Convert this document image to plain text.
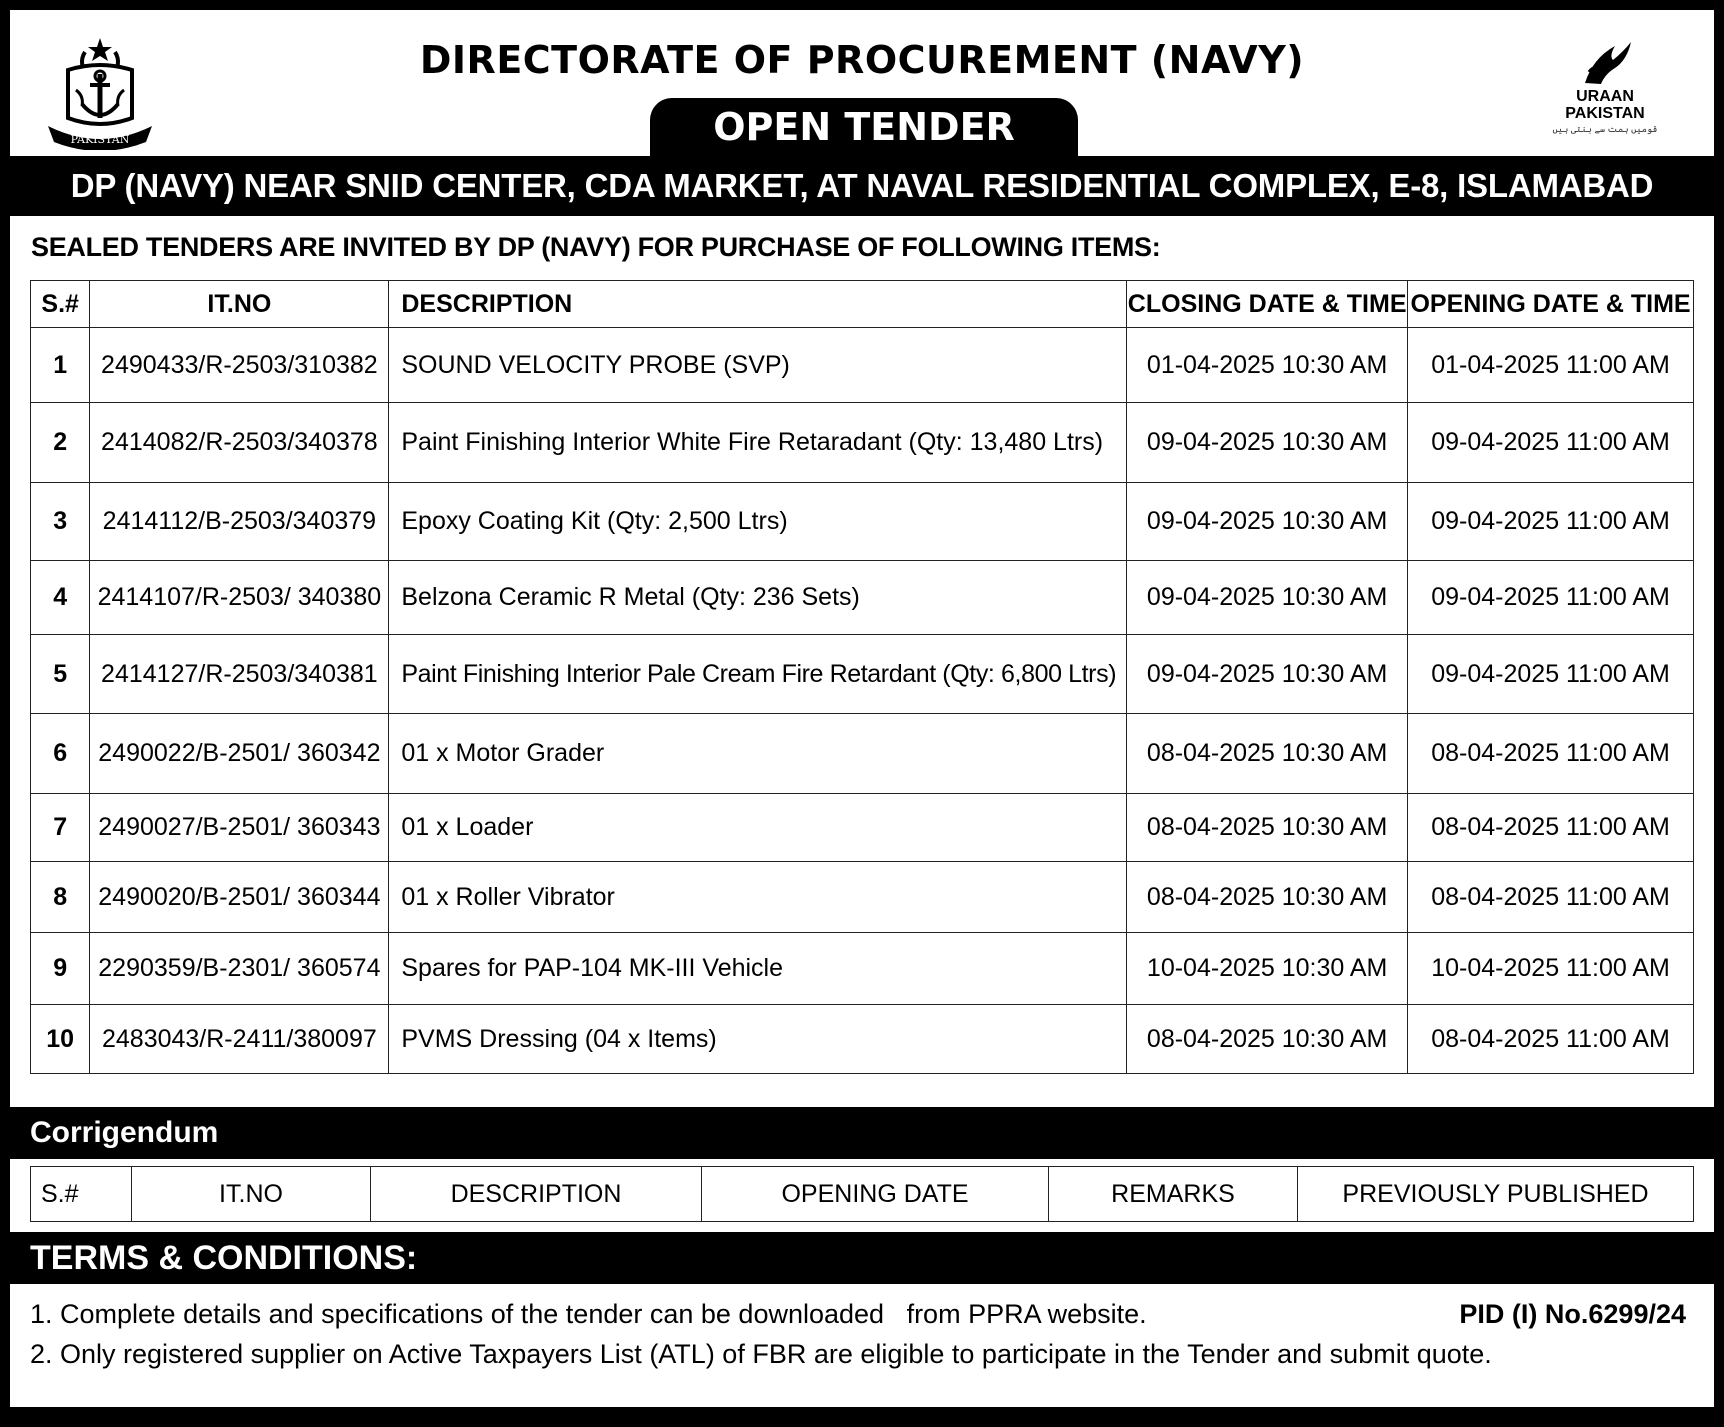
PAKISTAN
DIRECTORATE OF PROCUREMENT (NAVY)
OPEN TENDER
URAAN
PAKISTAN
قومیں ہمت سے بنتی ہیں
DP (NAVY) NEAR SNID CENTER, CDA MARKET, AT NAVAL RESIDENTIAL COMPLEX, E-8, ISLAMABAD
SEALED TENDERS ARE INVITED BY DP (NAVY) FOR PURCHASE OF FOLLOWING ITEMS:
S.#	IT.NO	DESCRIPTION	CLOSING DATE & TIME	OPENING DATE & TIME
1	2490433/R-2503/310382	SOUND VELOCITY PROBE (SVP)	01-04-2025 10:30 AM	01-04-2025 11:00 AM
2	2414082/R-2503/340378	Paint Finishing Interior White Fire Retaradant (Qty: 13,480 Ltrs)	09-04-2025 10:30 AM	09-04-2025 11:00 AM
3	2414112/B-2503/340379	Epoxy Coating Kit (Qty: 2,500 Ltrs)	09-04-2025 10:30 AM	09-04-2025 11:00 AM
4	2414107/R-2503/ 340380	Belzona Ceramic R Metal (Qty: 236 Sets)	09-04-2025 10:30 AM	09-04-2025 11:00 AM
5	2414127/R-2503/340381	Paint Finishing Interior Pale Cream Fire Retardant (Qty: 6,800 Ltrs)	09-04-2025 10:30 AM	09-04-2025 11:00 AM
6	2490022/B-2501/ 360342	01 x Motor Grader	08-04-2025 10:30 AM	08-04-2025 11:00 AM
7	2490027/B-2501/ 360343	01 x Loader	08-04-2025 10:30 AM	08-04-2025 11:00 AM
8	2490020/B-2501/ 360344	01 x Roller Vibrator	08-04-2025 10:30 AM	08-04-2025 11:00 AM
9	2290359/B-2301/ 360574	Spares for PAP-104 MK-III Vehicle	10-04-2025 10:30 AM	10-04-2025 11:00 AM
10	2483043/R-2411/380097	PVMS Dressing (04 x Items)	08-04-2025 10:30 AM	08-04-2025 11:00 AM
Corrigendum
S.#	IT.NO	DESCRIPTION	OPENING DATE	REMARKS	PREVIOUSLY PUBLISHED
TERMS & CONDITIONS:
1. Complete details and specifications of the tender can be downloaded   from PPRA website.
2. Only registered supplier on Active Taxpayers List (ATL) of FBR are eligible to participate in the Tender and submit quote.
PID (I) No.6299/24
